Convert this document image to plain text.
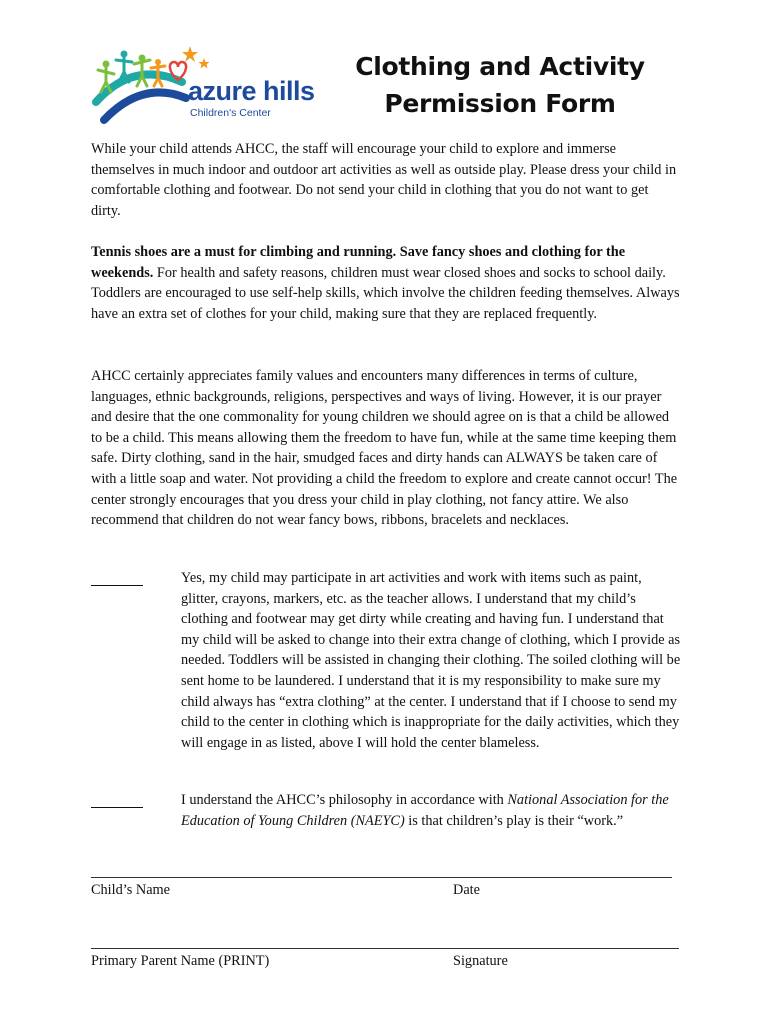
azure hills
Children's Center
Clothing and Activity
Permission Form

While your child attends AHCC, the staff will encourage your child to explore and immerse themselves in much indoor and outdoor art activities as well as outside play. Please dress your child in comfortable clothing and footwear. Do not send your child in clothing that you do not want to get dirty.

Tennis shoes are a must for climbing and running. Save fancy shoes and clothing for the weekends. For health and safety reasons, children must wear closed shoes and socks to school daily. Toddlers are encouraged to use self-help skills, which involve the children feeding themselves. Always have an extra set of clothes for your child, making sure that they are replaced frequently.

AHCC certainly appreciates family values and encounters many differences in terms of culture, languages, ethnic backgrounds, religions, perspectives and ways of living. However, it is our prayer and desire that the one commonality for young children we should agree on is that a child be allowed to be a child. This means allowing them the freedom to have fun, while at the same time keeping them safe. Dirty clothing, sand in the hair, smudged faces and dirty hands can ALWAYS be taken care of with a little soap and water. Not providing a child the freedom to explore and create cannot occur! The center strongly encourages that you dress your child in play clothing, not fancy attire. We also recommend that children do not wear fancy bows, ribbons, bracelets and necklaces.

Yes, my child may participate in art activities and work with items such as paint, glitter, crayons, markers, etc. as the teacher allows. I understand that my child’s clothing and footwear may get dirty while creating and having fun. I understand that my child will be asked to change into their extra change of clothing, which I provide as needed. Toddlers will be assisted in changing their clothing. The soiled clothing will be sent home to be laundered. I understand that it is my responsibility to make sure my child always has “extra clothing” at the center. I understand that if I choose to send my child to the center in clothing which is inappropriate for the daily activities, which they will engage in as listed, above I will hold the center blameless.

I understand the AHCC’s philosophy in accordance with National Association for the Education of Young Children (NAEYC) is that children’s play is their “work.”

Child’s Name	Date
Primary Parent Name (PRINT)	Signature
